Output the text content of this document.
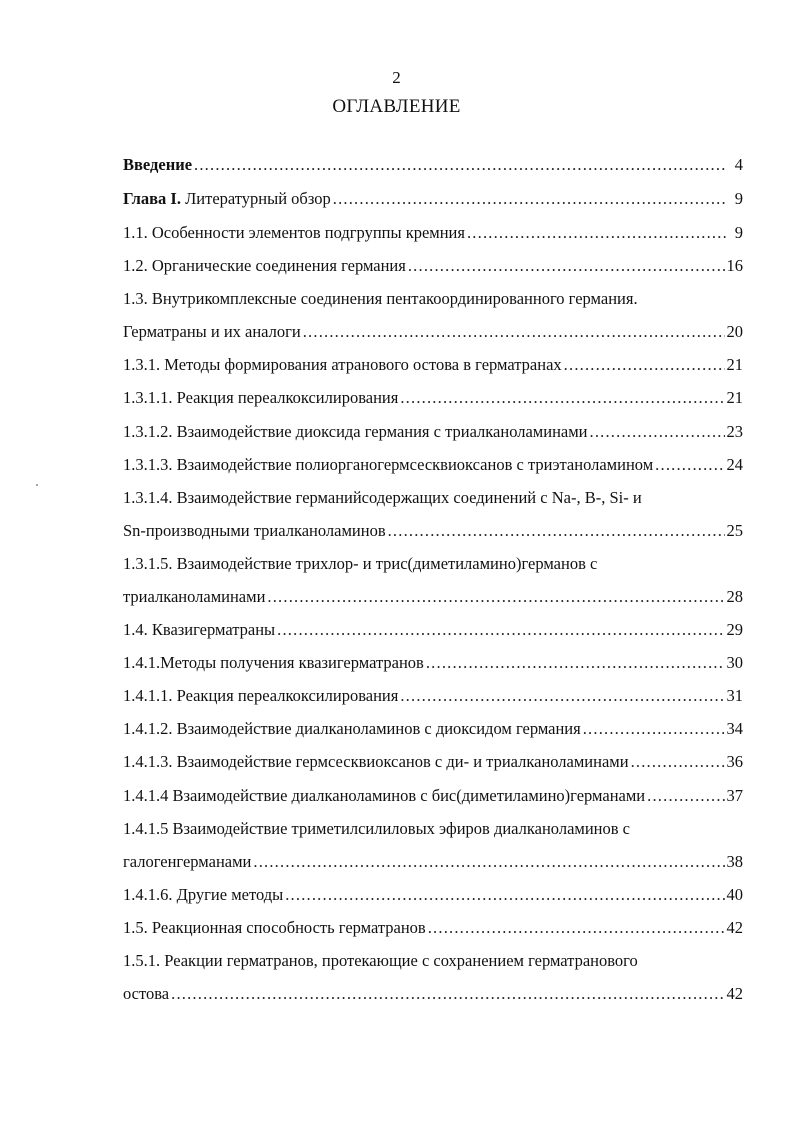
2
ОГЛАВЛЕНИЕ
Введение .....	4
Глава I. Литературный обзор .....	9
1.1. Особенности элементов подгруппы кремния .....	9
1.2. Органические соединения германия .....	16
1.3. Внутрикомплексные соединения пентакоординированного германия.
Герматраны и их аналоги .....	20
1.3.1. Методы формирования атранового остова в герматранах .....	21
1.3.1.1. Реакция переалкоксилирования .....	21
1.3.1.2. Взаимодействие диоксида германия с триалканоламинами .....	23
1.3.1.3. Взаимодействие полиорганогермсесквиоксанов с триэтаноламином .....	24
1.3.1.4. Взаимодействие германийсодержащих соединений с Na-, В-, Si- и
Sn-производными триалканоламинов .....	25
1.3.1.5. Взаимодействие трихлор- и трис(диметиламино)германов с
триалканоламинами .....	28
1.4. Квазигерматраны .....	29
1.4.1.Методы получения квазигерматранов .....	30
1.4.1.1. Реакция переалкоксилирования .....	31
1.4.1.2. Взаимодействие диалканоламинов с диоксидом германия .....	34
1.4.1.3. Взаимодействие гермсесквиоксанов с ди- и триалканоламинами .....	36
1.4.1.4 Взаимодействие диалканоламинов с бис(диметиламино)германами .....	37
1.4.1.5 Взаимодействие триметилсилиловых эфиров диалканоламинов с
галогенгерманами .....	38
1.4.1.6. Другие методы .....	40
1.5. Реакционная способность герматранов .....	42
1.5.1. Реакции герматранов, протекающие с сохранением герматранового
остова .....	42
